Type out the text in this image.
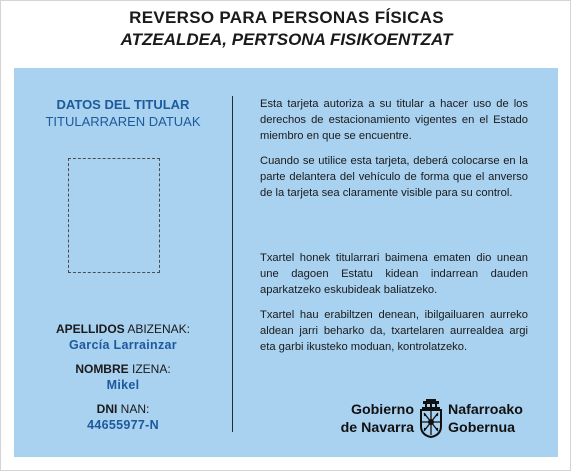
REVERSO PARA PERSONAS FÍSICAS
ATZEALDEA, PERTSONA FISIKOENTZAT
DATOS DEL TITULAR
TITULARRAREN DATUAK
APELLIDOS ABIZENAK:
García Larrainzar
NOMBRE IZENA:
Mikel
DNI NAN:
44655977-N

Esta tarjeta autoriza a su titular a hacer uso de los derechos de estacionamiento vigentes en el Estado miembro en que se encuentre.

Cuando se utilice esta tarjeta, deberá colocarse en la parte delantera del vehículo de forma que el anverso de la tarjeta sea claramente visible para su control.

Txartel honek titularrari baimena ematen dio unean une dagoen Estatu kidean indarrean dauden aparkatzeko eskubideak baliatzeko.

Txartel hau erabiltzen denean, ibilgailuaren aurreko aldean jarri beharko da, txartelaren aurrealdea argi eta garbi ikusteko moduan, kontrolatzeko.

Gobierno
de Navarra
Nafarroako
Gobernua
